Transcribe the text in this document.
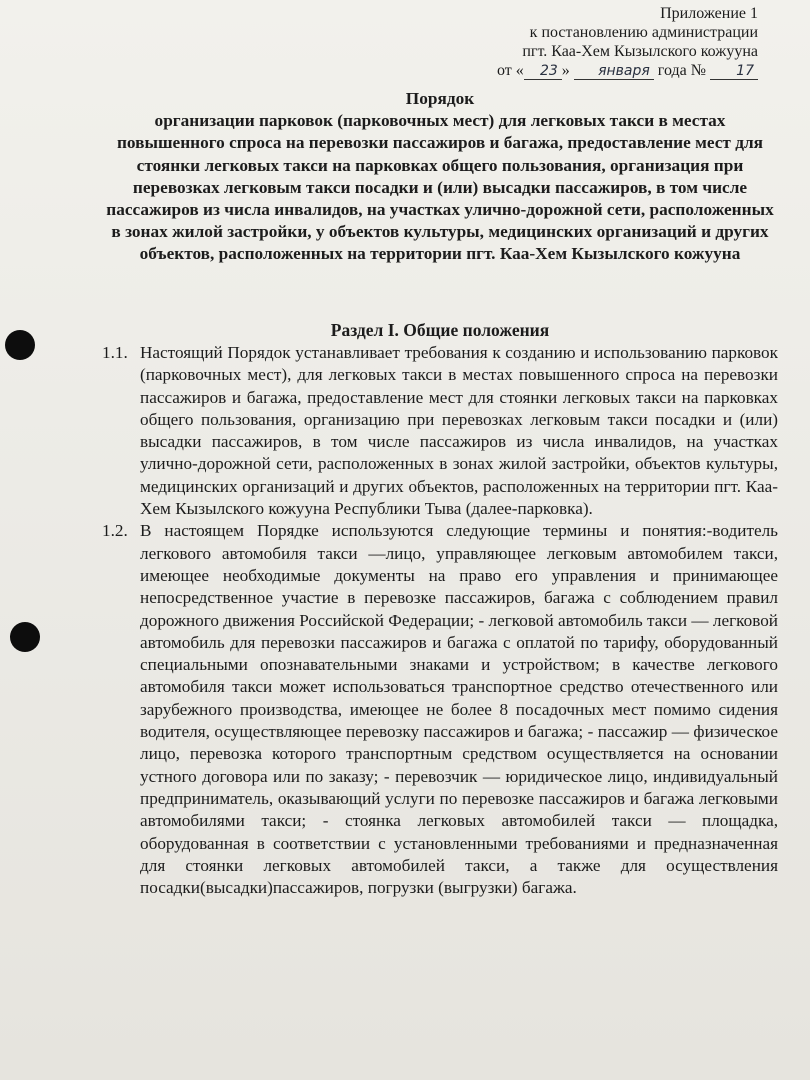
Приложение 1
к постановлению администрации
пгт. Каа-Хем Кызылского кожууна
от « 23 » января года № 17
Порядок
организации парковок (парковочных мест) для легковых такси в местах повышенного спроса на перевозки пассажиров и багажа, предоставление мест для стоянки легковых такси на парковках общего пользования, организация при перевозках легковым такси посадки и (или) высадки пассажиров, в том числе пассажиров из числа инвалидов, на участках улично-дорожной сети, расположенных в зонах жилой застройки, у объектов культуры, медицинских организаций и других объектов, расположенных на территории пгт. Каа-Хем Кызылского кожууна
Раздел I. Общие положения
1.1. Настоящий Порядок устанавливает требования к созданию и использованию парковок (парковочных мест), для легковых такси в местах повышенного спроса на перевозки пассажиров и багажа, предоставление мест для стоянки легковых такси на парковках общего пользования, организацию при перевозках легковым такси посадки и (или) высадки пассажиров, в том числе пассажиров из числа инвалидов, на участках улично-дорожной сети, расположенных в зонах жилой застройки, объектов культуры, медицинских организаций и других объектов, расположенных на территории пгт. Каа-Хем Кызылского кожууна Республики Тыва (далее-парковка).
1.2. В настоящем Порядке используются следующие термины и понятия:-водитель легкового автомобиля такси —лицо, управляющее легковым автомобилем такси, имеющее необходимые документы на право его управления и принимающее непосредственное участие в перевозке пассажиров, багажа с соблюдением правил дорожного движения Российской Федерации; - легковой автомобиль такси — легковой автомобиль для перевозки пассажиров и багажа с оплатой по тарифу, оборудованный специальными опознавательными знаками и устройством; в качестве легкового автомобиля такси может использоваться транспортное средство отечественного или зарубежного производства, имеющее не более 8 посадочных мест помимо сидения водителя, осуществляющее перевозку пассажиров и багажа; - пассажир — физическое лицо, перевозка которого транспортным средством осуществляется на основании устного договора или по заказу; - перевозчик — юридическое лицо, индивидуальный предприниматель, оказывающий услуги по перевозке пассажиров и багажа легковыми автомобилями такси; - стоянка легковых автомобилей такси — площадка, оборудованная в соответствии с установленными требованиями и предназначенная для стоянки легковых автомобилей такси, а также для осуществления посадки(высадки)пассажиров, погрузки (выгрузки) багажа.
